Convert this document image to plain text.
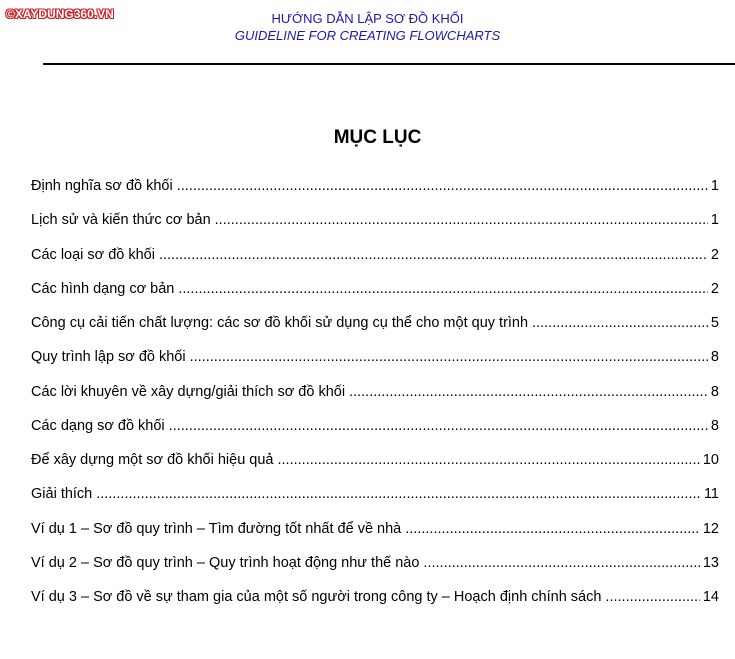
©XAYDUNG360.VN	HƯỚNG DẪN LẬP SƠ ĐỒ KHỐI
GUIDELINE FOR CREATING FLOWCHARTS
MỤC LỤC
Định nghĩa sơ đồ khối .....	1
Lịch sử và kiến thức cơ bản .....	1
Các loại sơ đồ khối .....	2
Các hình dạng cơ bản .....	2
Công cụ cải tiến chất lượng: các sơ đồ khối sử dụng cụ thể cho một quy trình .....	5
Quy trình lập sơ đồ khối .....	8
Các lời khuyên về xây dựng/giải thích sơ đồ khối .....	8
Các dạng sơ đồ khối .....	8
Để xây dựng một sơ đồ khối hiệu quả .....	10
Giải thích .....	11
Ví dụ 1 – Sơ đồ quy trình – Tìm đường tốt nhất để về nhà .....	12
Ví dụ 2 – Sơ đồ quy trình – Quy trình hoạt động như thế nào .....	13
Ví dụ 3 – Sơ đồ về sự tham gia của một số người trong công ty – Hoạch định chính sách .....	14
